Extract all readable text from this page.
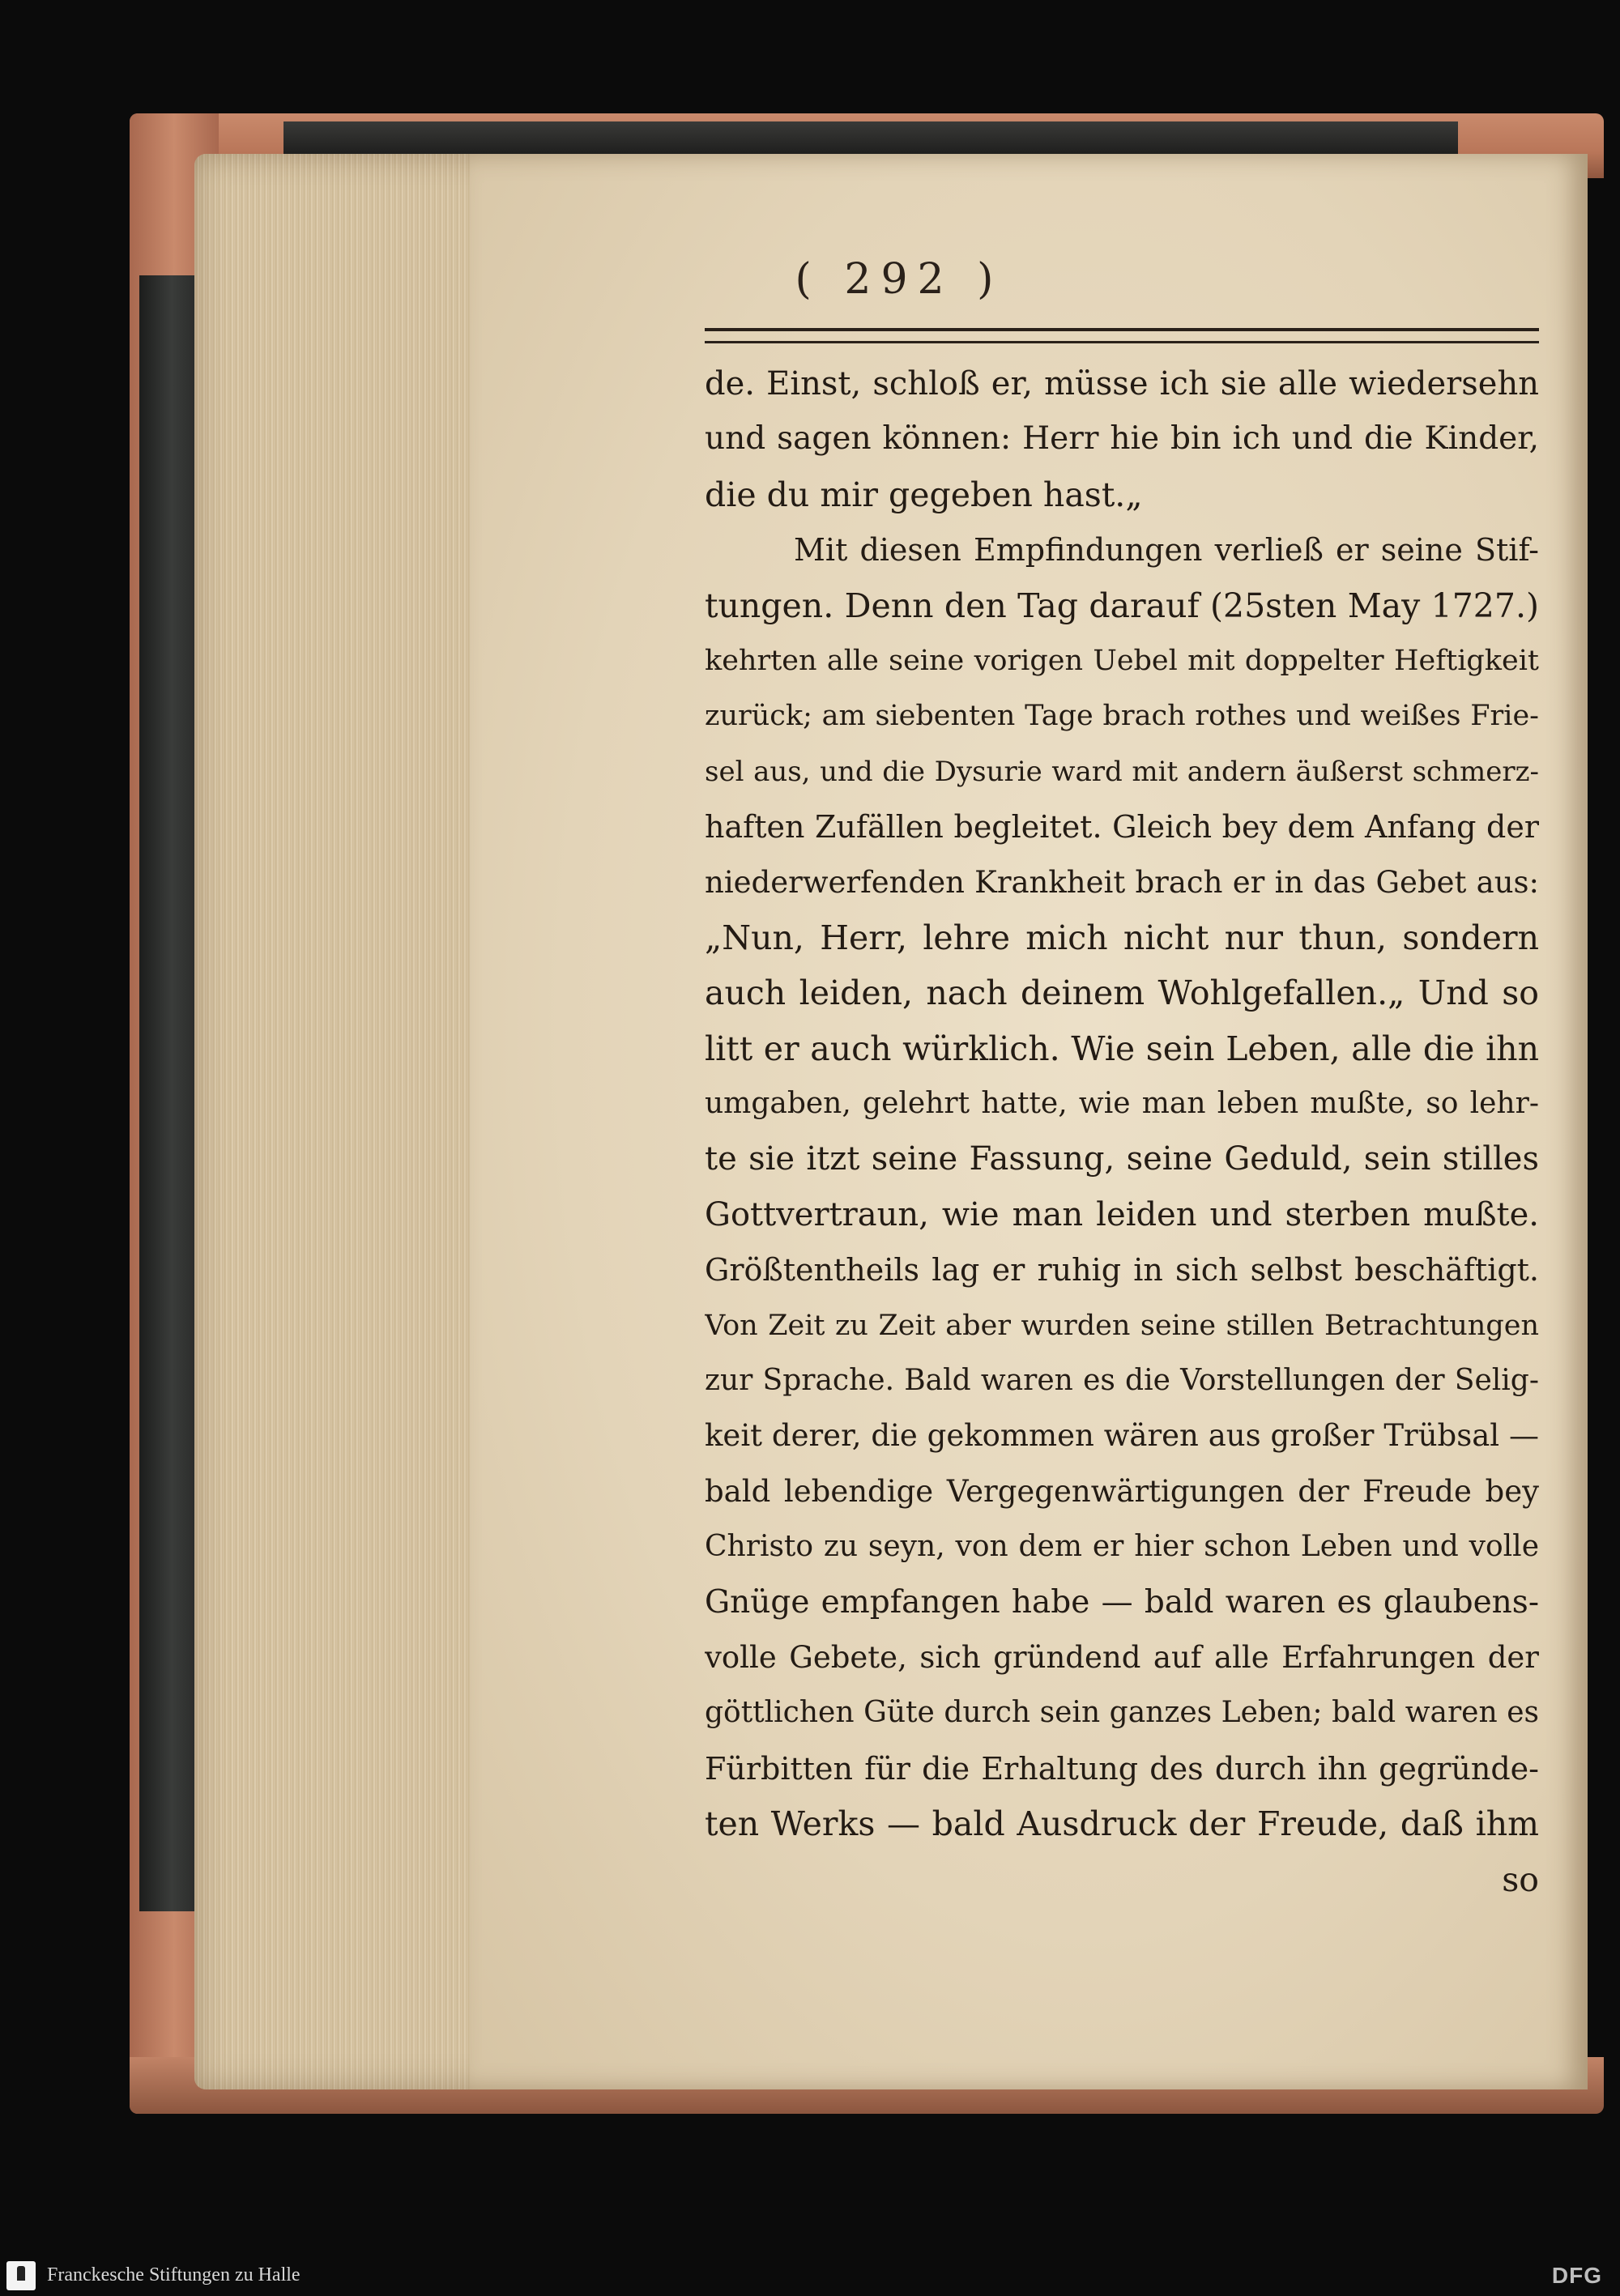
( 292 )
de. Einst, schloß er, müsse ich sie alle wiedersehn
und sagen können: Herr hie bin ich und die Kinder,
die du mir gegeben hast.„
Mit diesen Empfindungen verließ er seine Stif-
tungen. Denn den Tag darauf (25sten May 1727.)
kehrten alle seine vorigen Uebel mit doppelter Heftigkeit
zurück; am siebenten Tage brach rothes und weißes Frie-
sel aus, und die Dysurie ward mit andern äußerst schmerz-
haften Zufällen begleitet. Gleich bey dem Anfang der
niederwerfenden Krankheit brach er in das Gebet aus:
„Nun, Herr, lehre mich nicht nur thun, sondern
auch leiden, nach deinem Wohlgefallen.„ Und so
litt er auch würklich. Wie sein Leben, alle die ihn
umgaben, gelehrt hatte, wie man leben mußte, so lehr-
te sie itzt seine Fassung, seine Geduld, sein stilles
Gottvertraun, wie man leiden und sterben mußte.
Größtentheils lag er ruhig in sich selbst beschäftigt.
Von Zeit zu Zeit aber wurden seine stillen Betrachtungen
zur Sprache. Bald waren es die Vorstellungen der Selig-
keit derer, die gekommen wären aus großer Trübsal —
bald lebendige Vergegenwärtigungen der Freude bey
Christo zu seyn, von dem er hier schon Leben und volle
Gnüge empfangen habe — bald waren es glaubens-
volle Gebete, sich gründend auf alle Erfahrungen der
göttlichen Güte durch sein ganzes Leben; bald waren es
Fürbitten für die Erhaltung des durch ihn gegründe-
ten Werks — bald Ausdruck der Freude, daß ihm
so
Franckesche Stiftungen zu Halle	DFG
